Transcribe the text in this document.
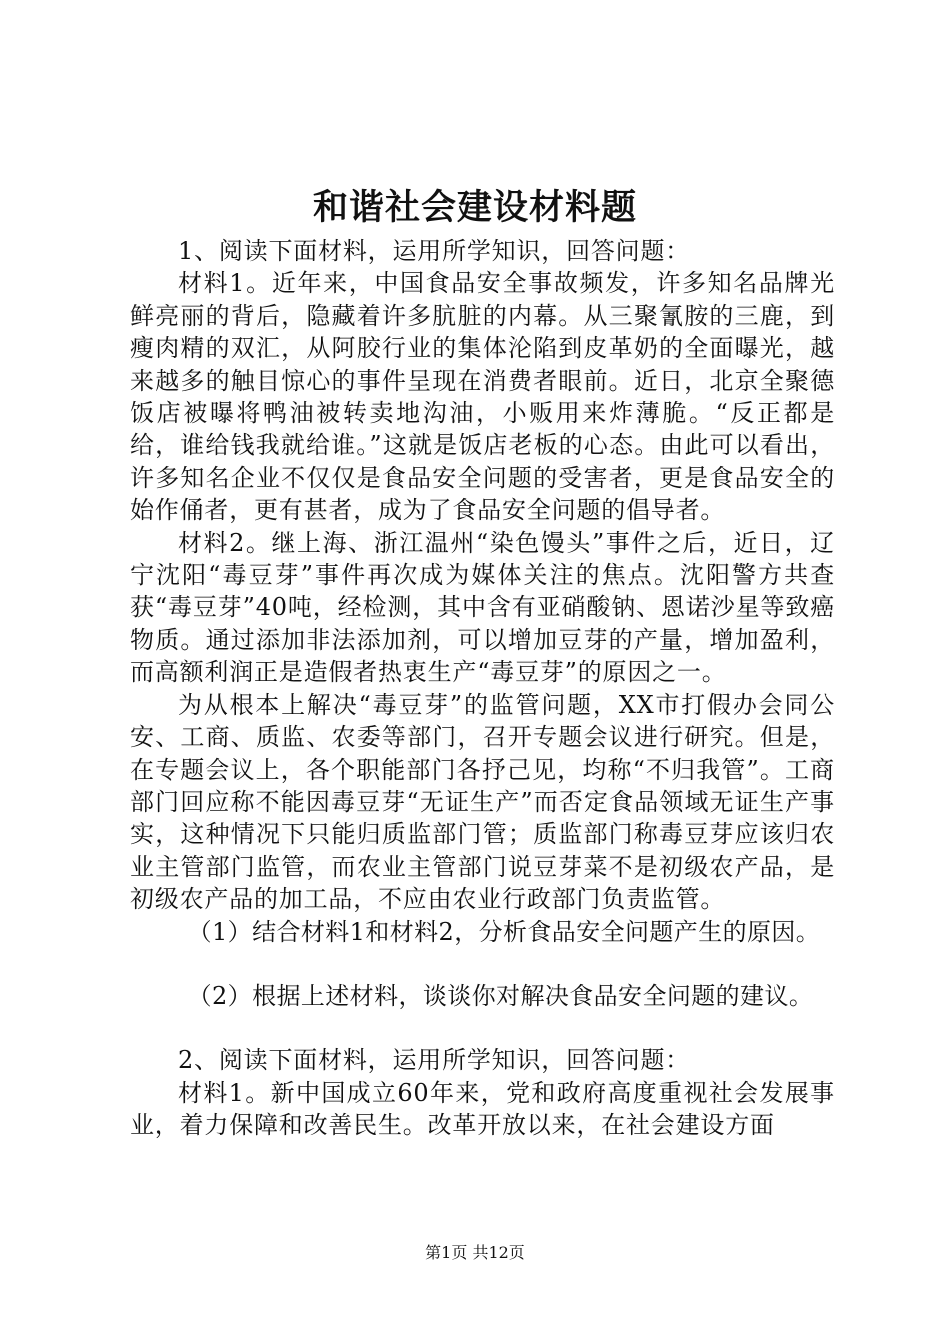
和谐社会建设材料题

1、阅读下面材料，运用所学知识，回答问题：

材料1。近年来，中国食品安全事故频发，许多知名品牌光鲜亮丽的背后，隐藏着许多肮脏的内幕。从三聚氰胺的三鹿，到瘦肉精的双汇，从阿胶行业的集体沦陷到皮革奶的全面曝光，越来越多的触目惊心的事件呈现在消费者眼前。近日，北京全聚德饭店被曝将鸭油被转卖地沟油，小贩用来炸薄脆。“反正都是给，谁给钱我就给谁。”这就是饭店老板的心态。由此可以看出，许多知名企业不仅仅是食品安全问题的受害者，更是食品安全的始作俑者，更有甚者，成为了食品安全问题的倡导者。

材料2。继上海、浙江温州“染色馒头”事件之后，近日，辽宁沈阳“毒豆芽”事件再次成为媒体关注的焦点。沈阳警方共查获“毒豆芽”40吨，经检测，其中含有亚硝酸钠、恩诺沙星等致癌物质。通过添加非法添加剂，可以增加豆芽的产量，增加盈利，而高额利润正是造假者热衷生产“毒豆芽”的原因之一。

为从根本上解决“毒豆芽”的监管问题，XX市打假办会同公安、工商、质监、农委等部门，召开专题会议进行研究。但是，在专题会议上，各个职能部门各抒己见，均称“不归我管”。工商部门回应称不能因毒豆芽“无证生产”而否定食品领域无证生产事实，这种情况下只能归质监部门管；质监部门称毒豆芽应该归农业主管部门监管，而农业主管部门说豆芽菜不是初级农产品，是初级农产品的加工品，不应由农业行政部门负责监管。

（1）结合材料1和材料2，分析食品安全问题产生的原因。

（2）根据上述材料，谈谈你对解决食品安全问题的建议。

2、阅读下面材料，运用所学知识，回答问题：

材料1。新中国成立60年来，党和政府高度重视社会发展事业，着力保障和改善民生。改革开放以来，在社会建设方面

第1页 共12页
